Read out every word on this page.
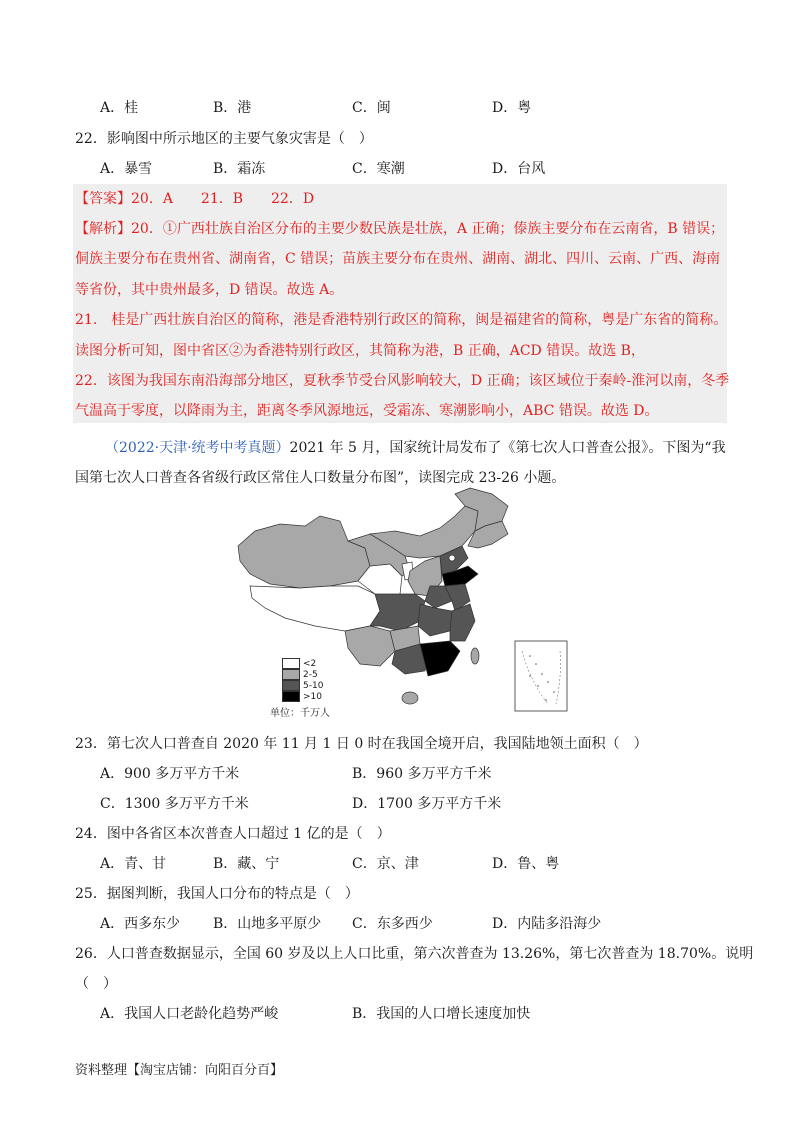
A．桂	B．港	C．闽	D．粤
22．影响图中所示地区的主要气象灾害是（　）
A．暴雪	B．霜冻	C．寒潮	D．台风
【答案】20．A　　21．B　　22．D
【解析】20．①广西壮族自治区分布的主要少数民族是壮族，A 正确；傣族主要分布在云南省，B 错误；
侗族主要分布在贵州省、湖南省，C 错误；苗族主要分布在贵州、湖南、湖北、四川、云南、广西、海南
等省份，其中贵州最多，D 错误。故选 A。
21.　桂是广西壮族自治区的简称，港是香港特别行政区的简称，闽是福建省的简称，粤是广东省的简称。
读图分析可知，图中省区②为香港特别行政区，其简称为港，B 正确，ACD 错误。故选 B，
22．该图为我国东南沿海部分地区，夏秋季节受台风影响较大，D 正确；该区域位于秦岭-淮河以南，冬季
气温高于零度，以降雨为主，距离冬季风源地远，受霜冻、寒潮影响小，ABC 错误。故选 D。
（2022·天津·统考中考真题）2021 年 5 月，国家统计局发布了《第七次人口普查公报》。下图为“我
国第七次人口普查各省级行政区常住人口数量分布图”，读图完成 23-26 小题。
<2
2-5
5-10
>10
单位：千万人
23．第七次人口普查自 2020 年 11 月 1 日 0 时在我国全境开启，我国陆地领土面积（　）
A．900 多万平方千米	B．960 多万平方千米
C．1300 多万平方千米	D．1700 多万平方千米
24．图中各省区本次普查人口超过 1 亿的是（　）
A．青、甘	B．藏、宁	C．京、津	D．鲁、粤
25．据图判断，我国人口分布的特点是（　）
A．西多东少 B．山地多平原少 C．东多西少	D．内陆多沿海少
26．人口普查数据显示，全国 60 岁及以上人口比重，第六次普查为 13.26%，第七次普查为 18.70%。说明
（　）
A．我国人口老龄化趋势严峻	B．我国的人口增长速度加快
资料整理【淘宝店铺：向阳百分百】
